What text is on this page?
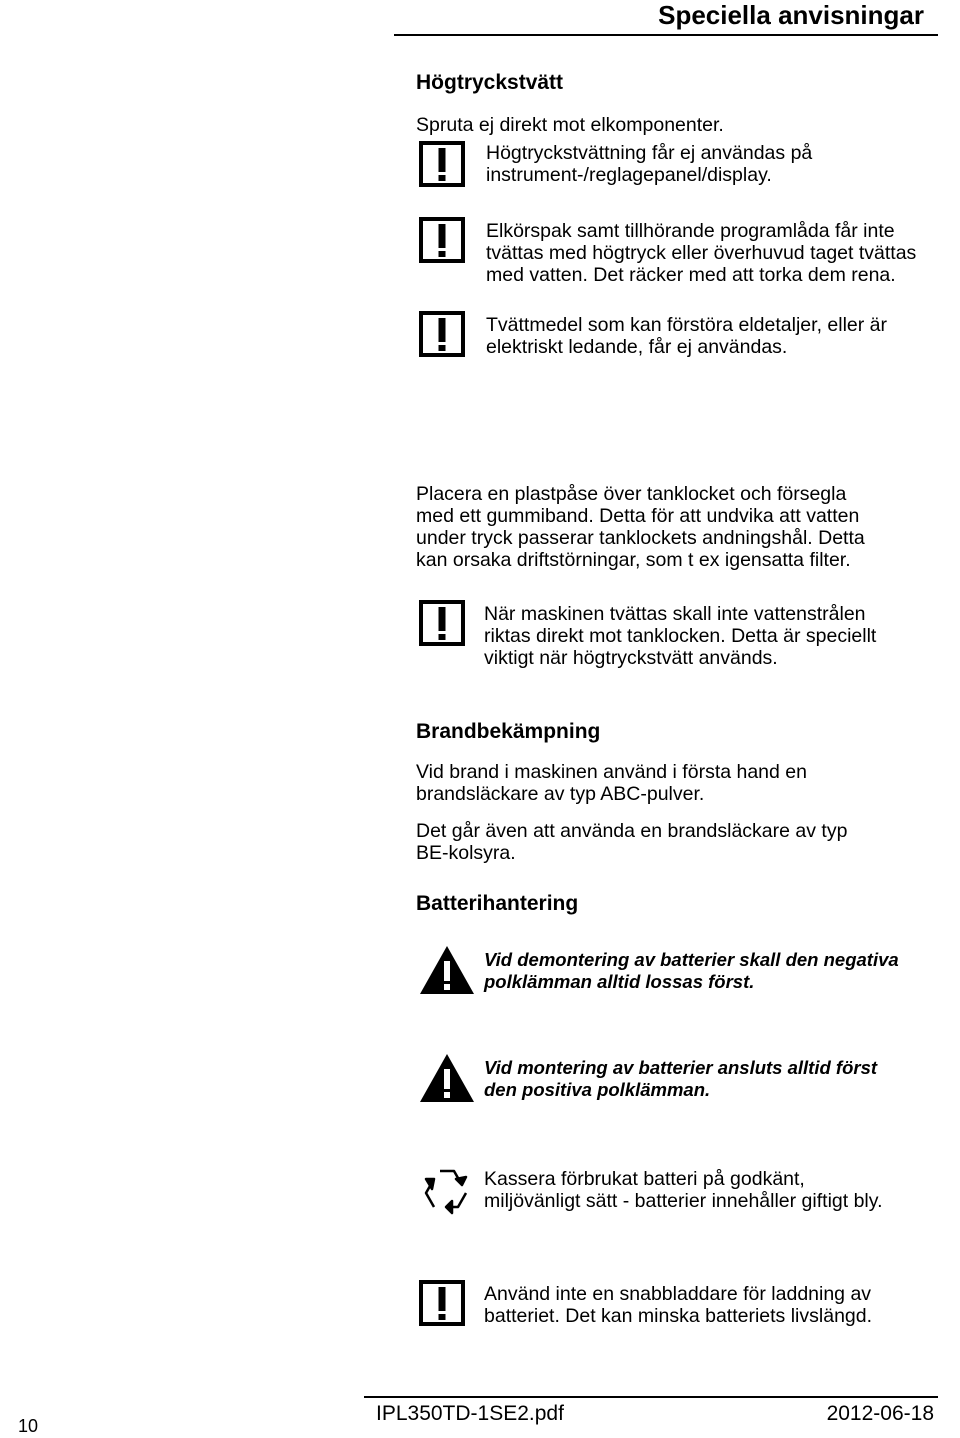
Speciella anvisningar
Högtryckstvätt
Spruta ej direkt mot elkomponenter.
Högtryckstvättning får ej användas på
instrument-/reglagepanel/display.
Elkörspak samt tillhörande programlåda får inte
tvättas med högtryck eller överhuvud taget tvättas
med vatten. Det räcker med att torka dem rena.
Tvättmedel som kan förstöra eldetaljer, eller är
elektriskt ledande, får ej användas.
Placera en plastpåse över tanklocket och försegla
med ett gummiband. Detta för att undvika att vatten
under tryck passerar tanklockets andningshål. Detta
kan orsaka driftstörningar, som t ex igensatta filter.
När maskinen tvättas skall inte vattenstrålen
riktas direkt mot tanklocken. Detta är speciellt
viktigt när högtryckstvätt används.
Brandbekämpning
Vid brand i maskinen använd i första hand en
brandsläckare av typ ABC-pulver.
Det går även att använda en brandsläckare av typ
BE-kolsyra.
Batterihantering
Vid demontering av batterier skall den negativa
polklämman alltid lossas först.
Vid montering av batterier ansluts alltid först
den positiva polklämman.
Kassera förbrukat batteri på godkänt,
miljövänligt sätt - batterier innehåller giftigt bly.
Använd inte en snabbladdare för laddning av
batteriet. Det kan minska batteriets livslängd.
10
IPL350TD-1SE2.pdf	2012-06-18
